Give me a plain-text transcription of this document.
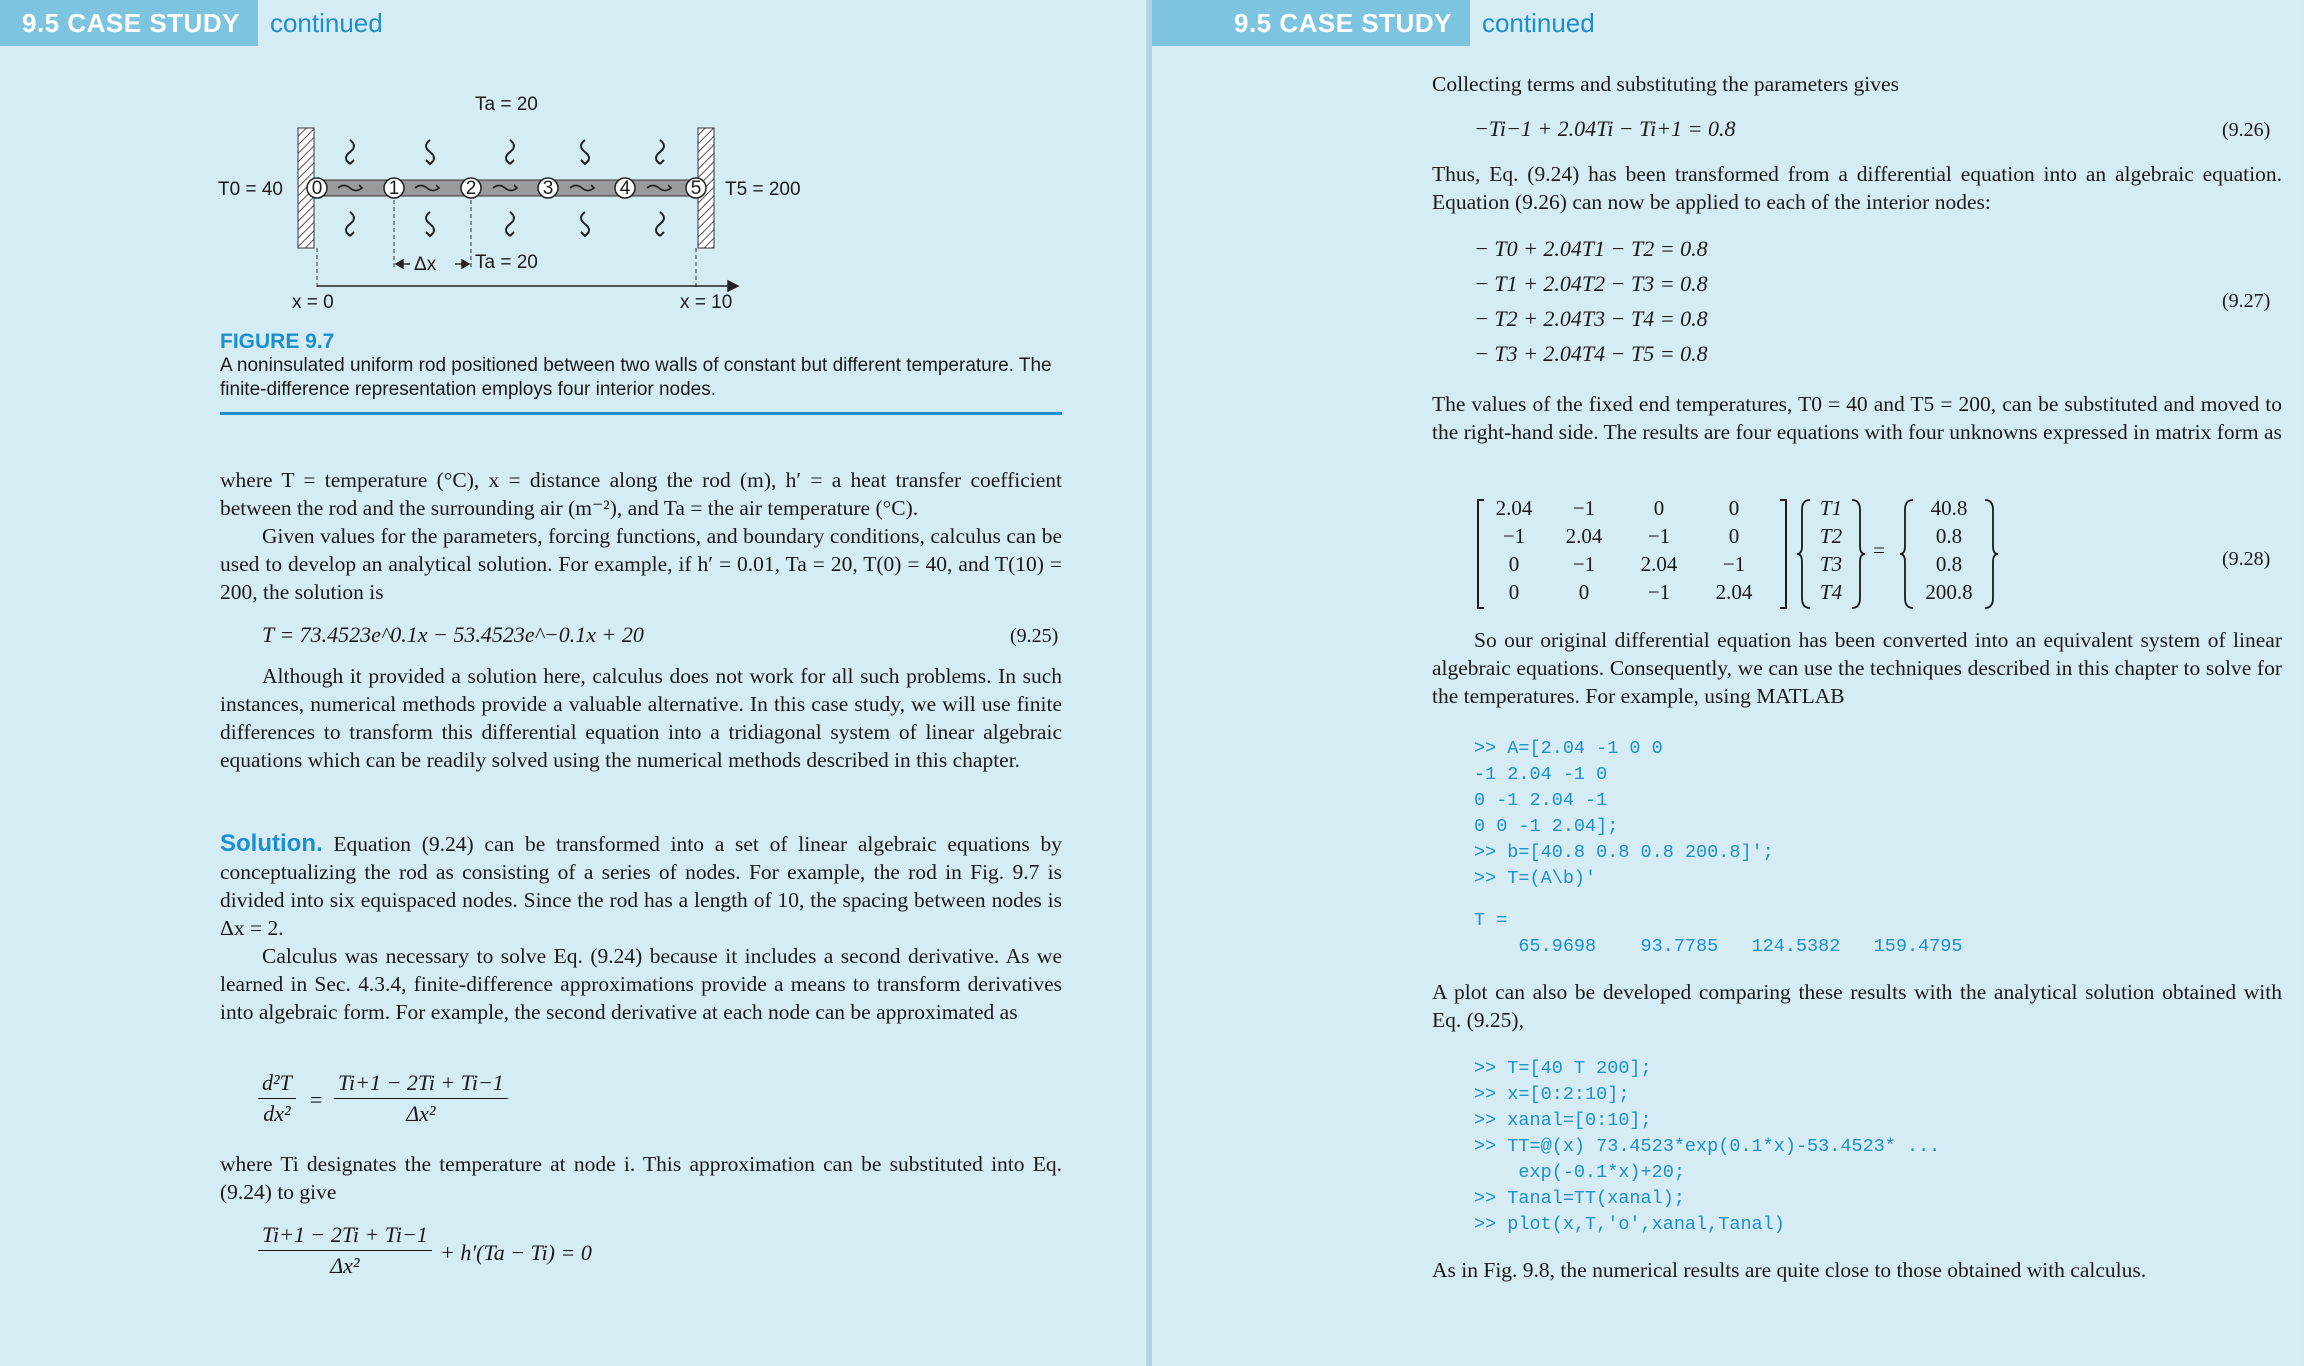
9.5 CASE STUDY	continued
0	1	2	3	4	5
Ta = 20
T0 = 40	T5 = 200
Δx Ta = 20
x = 0	x = 10
FIGURE 9.7
A noninsulated uniform rod positioned between two walls of constant but different temperature. The finite-difference representation employs four interior nodes.

where T = temperature (°C), x = distance along the rod (m), h′ = a heat transfer coefficient between the rod and the surrounding air (m⁻²), and Ta = the air temperature (°C).

Given values for the parameters, forcing functions, and boundary conditions, calculus can be used to develop an analytical solution. For example, if h′ = 0.01, Ta = 20, T(0) = 40, and T(10) = 200, the solution is

T = 73.4523e^0.1x − 53.4523e^−0.1x + 20	(9.25)

Although it provided a solution here, calculus does not work for all such problems. In such instances, numerical methods provide a valuable alternative. In this case study, we will use finite differences to transform this differential equation into a tridiagonal system of linear algebraic equations which can be readily solved using the numerical methods described in this chapter.

Solution. Equation (9.24) can be transformed into a set of linear algebraic equations by conceptualizing the rod as consisting of a series of nodes. For example, the rod in Fig. 9.7 is divided into six equispaced nodes. Since the rod has a length of 10, the spacing between nodes is Δx = 2.

Calculus was necessary to solve Eq. (9.24) because it includes a second derivative. As we learned in Sec. 4.3.4, finite-difference approximations provide a means to transform derivatives into algebraic form. For example, the second derivative at each node can be approximated as

$\frac{\text{d²T}}{\text{dx²}} = \frac{Ti+1 - 2Ti + Ti-1}{\text{Δx²}}$

where Ti designates the temperature at node i. This approximation can be substituted into Eq. (9.24) to give

$\frac{Ti+1 - 2Ti + Ti-1}{\text{Δx²}} + h'(Ta - Ti) = 0$
9.5 CASE STUDY	continued

Collecting terms and substituting the parameters gives

−Ti−1 + 2.04Ti − Ti+1 = 0.8	(9.26)

Thus, Eq. (9.24) has been transformed from a differential equation into an algebraic equation. Equation (9.26) can now be applied to each of the interior nodes:

− T0 + 2.04T1 − T2 = 0.8
− T1 + 2.04T2 − T3 = 0.8
− T2 + 2.04T3 − T4 = 0.8
− T3 + 2.04T4 − T5 = 0.8
(9.27)

The values of the fixed end temperatures, T0 = 40 and T5 = 200, can be substituted and moved to the right-hand side. The results are four equations with four unknowns expressed in matrix form as

2.04	−1	0	0
−1	2.04	−1	0
0	−1	2.04	−1
0	0	−1	2.04
T1
T2
T3
T4
=
40.8
0.8
0.8
200.8
(9.28)

So our original differential equation has been converted into an equivalent system of linear algebraic equations. Consequently, we can use the techniques described in this chapter to solve for the temperatures. For example, using MATLAB

>> A=[2.04 -1 0 0
-1 2.04 -1 0
0 -1 2.04 -1
0 0 -1 2.04];
>> b=[40.8 0.8 0.8 200.8]';
>> T=(A\b)'
T =
65.9698    93.7785   124.5382   159.4795

A plot can also be developed comparing these results with the analytical solution obtained with Eq. (9.25),

>> T=[40 T 200];
>> x=[0:2:10];
>> xanal=[0:10];
>> TT=@(x) 73.4523*exp(0.1*x)-53.4523* ...
exp(-0.1*x)+20;
>> Tanal=TT(xanal);
>> plot(x,T,'o',xanal,Tanal)

As in Fig. 9.8, the numerical results are quite close to those obtained with calculus.
